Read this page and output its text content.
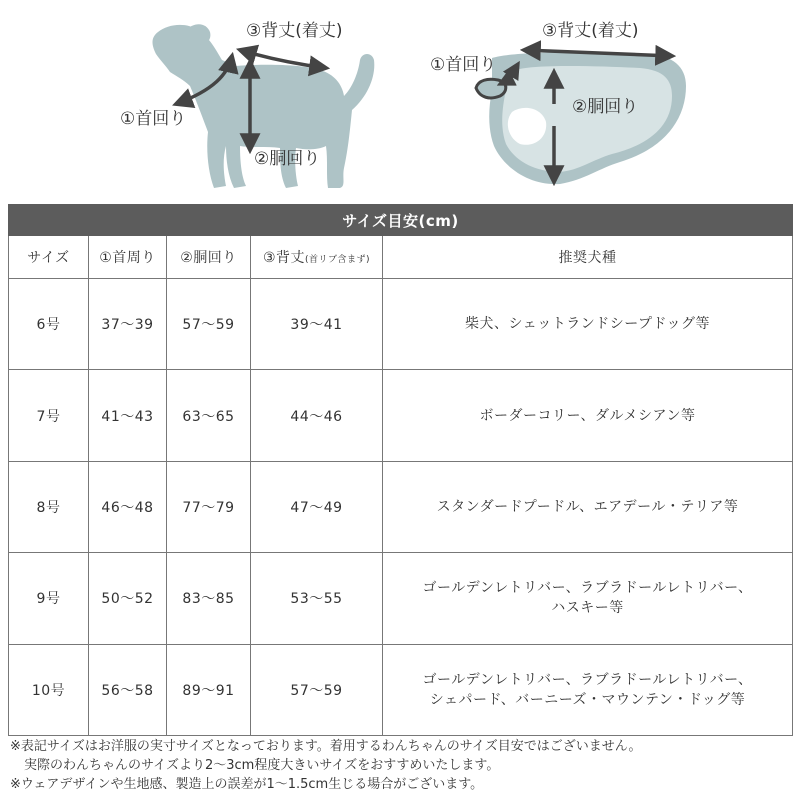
③背丈(着丈)
①首回り
②胴回り
③背丈(着丈)
①首回り
②胴回り
サイズ目安(cm)				
サイズ	①首周り	②胴回り	③背丈(首リブ含まず)	推奨犬種
6号	37～39	57～59	39～41	柴犬、シェットランドシープドッグ等

7号	41～43	63～65	44～46	ボーダーコリー、ダルメシアン等

8号	46～48	77～79	47～49	スタンダードプードル、エアデール・テリア等

9号	50～52	83～85	53～55	ゴールデンレトリバー、ラブラドールレトリバー、
ハスキー等

10号	56～58	89～91	57～59	ゴールデンレトリバー、ラブラドールレトリバー、
シェパード、バーニーズ・マウンテン・ドッグ等
※表記サイズはお洋服の実寸サイズとなっております。着用するわんちゃんのサイズ目安ではございません。
実際のわんちゃんのサイズより2～3cm程度大きいサイズをおすすめいたします。
※ウェアデザインや生地感、製造上の誤差が1～1.5cm生じる場合がございます。
